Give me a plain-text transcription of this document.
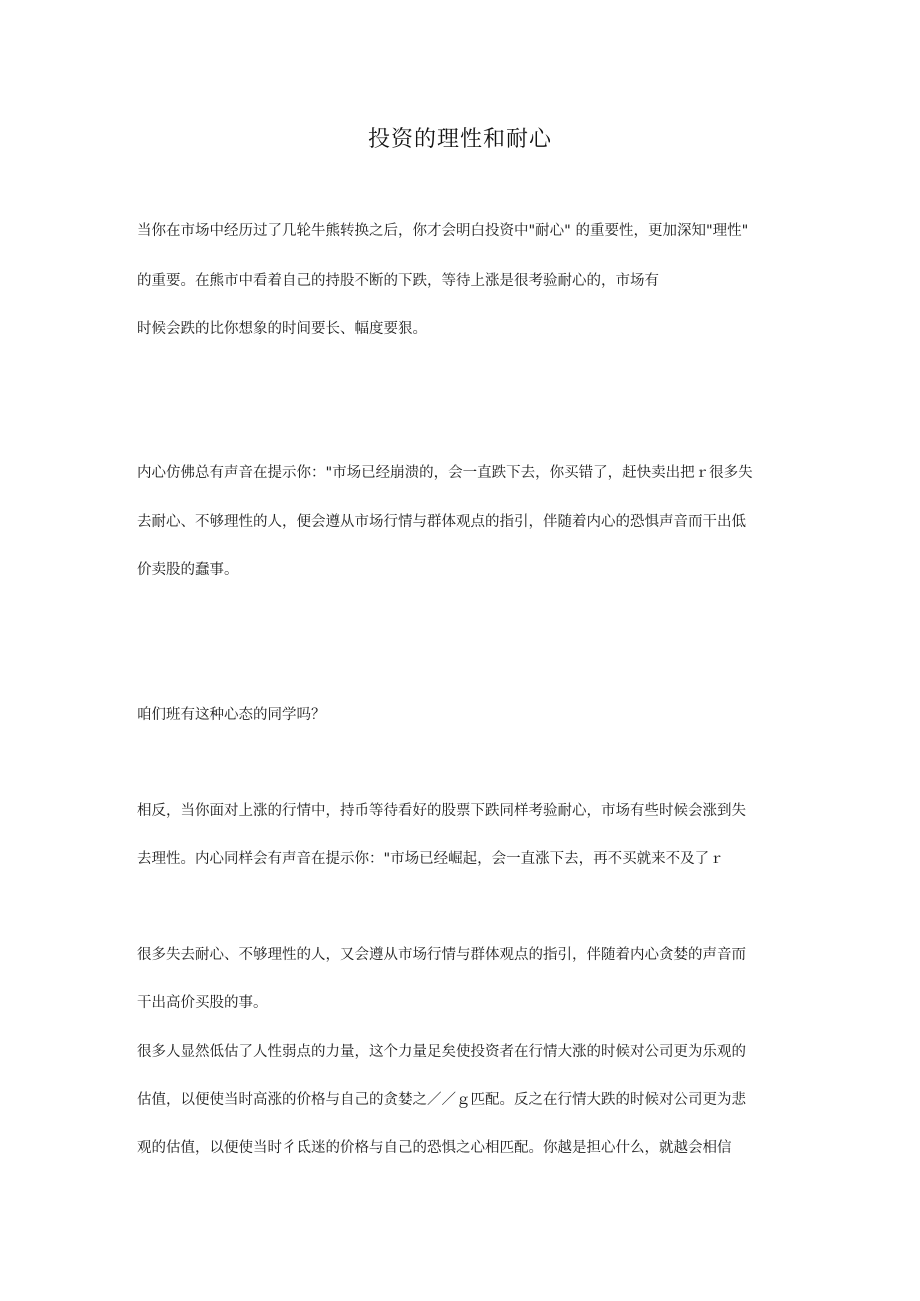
投资的理性和耐心
当你在市场中经历过了几轮牛熊转换之后，你才会明白投资中"耐心" 的重要性，更加深知"理性"
的重要。在熊市中看着自己的持股不断的下跌，等待上涨是很考验耐心的，市场有
时候会跌的比你想象的时间要长、幅度要狠。
内心仿佛总有声音在提示你："市场已经崩溃的，会一直跌下去，你买错了，赶快卖出把ｒ很多失
去耐心、不够理性的人，便会遵从市场行情与群体观点的指引，伴随着内心的恐惧声音而干出低
价卖股的蠢事。
咱们班有这种心态的同学吗？
相反，当你面对上涨的行情中，持币等待看好的股票下跌同样考验耐心，市场有些时候会涨到失
去理性。内心同样会有声音在提示你："市场已经崛起，会一直涨下去，再不买就来不及了ｒ
很多失去耐心、不够理性的人，又会遵从市场行情与群体观点的指引，伴随着内心贪婪的声音而
干出高价买股的事。
很多人显然低估了人性弱点的力量，这个力量足矣使投资者在行情大涨的时候对公司更为乐观的
估值，以便使当时高涨的价格与自己的贪婪之／／ｇ匹配。反之在行情大跌的时候对公司更为悲
观的估值，以便使当时彳氐迷的价格与自己的恐惧之心相匹配。你越是担心什么，就越会相信
